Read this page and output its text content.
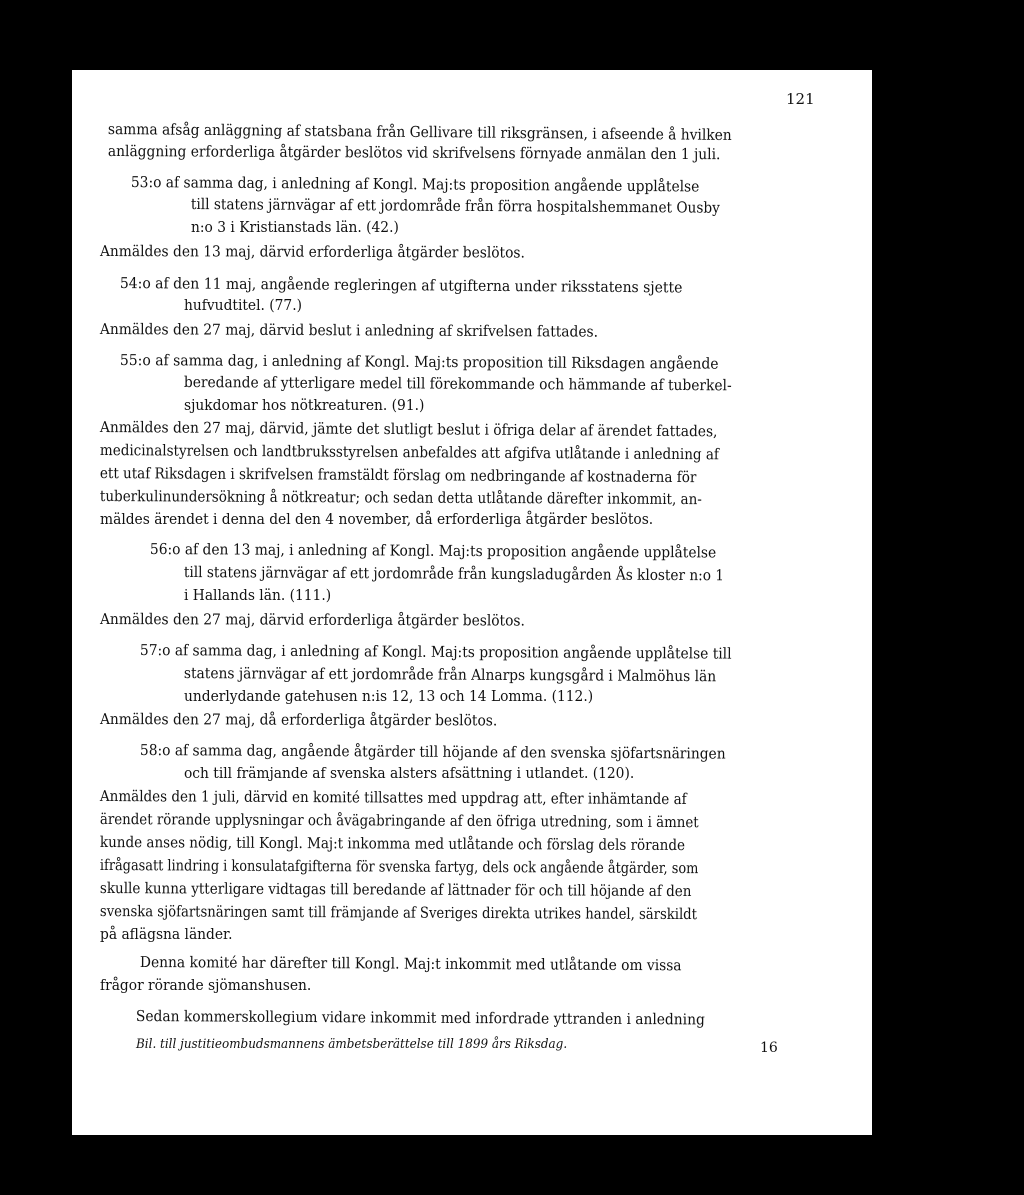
121
samma afsåg anläggning af statsbana från Gellivare till riksgränsen, i afseende å hvilken
anläggning erforderliga åtgärder beslötos vid skrifvelsens förnyade anmälan den 1 juli.
53:o af samma dag, i anledning af Kongl. Maj:ts proposition angående upplåtelse
till statens järnvägar af ett jordområde från förra hospitalshemmanet Ousby
n:o 3 i Kristianstads län. (42.)
Anmäldes den 13 maj, därvid erforderliga åtgärder beslötos.
54:o af den 11 maj, angående regleringen af utgifterna under riksstatens sjette
hufvudtitel. (77.)
Anmäldes den 27 maj, därvid beslut i anledning af skrifvelsen fattades.
55:o af samma dag, i anledning af Kongl. Maj:ts proposition till Riksdagen angående
beredande af ytterligare medel till förekommande och hämmande af tuberkel-
sjukdomar hos nötkreaturen. (91.)
Anmäldes den 27 maj, därvid, jämte det slutligt beslut i öfriga delar af ärendet fattades,
medicinalstyrelsen och landtbruksstyrelsen anbefaldes att afgifva utlåtande i anledning af
ett utaf Riksdagen i skrifvelsen framstäldt förslag om nedbringande af kostnaderna för
tuberkulinundersökning å nötkreatur; och sedan detta utlåtande därefter inkommit, an-
mäldes ärendet i denna del den 4 november, då erforderliga åtgärder beslötos.
56:o af den 13 maj, i anledning af Kongl. Maj:ts proposition angående upplåtelse
till statens järnvägar af ett jordområde från kungsladugården Ås kloster n:o 1
i Hallands län. (111.)
Anmäldes den 27 maj, därvid erforderliga åtgärder beslötos.
57:o af samma dag, i anledning af Kongl. Maj:ts proposition angående upplåtelse till
statens järnvägar af ett jordområde från Alnarps kungsgård i Malmöhus län
underlydande gatehusen n:is 12, 13 och 14 Lomma. (112.)
Anmäldes den 27 maj, då erforderliga åtgärder beslötos.
58:o af samma dag, angående åtgärder till höjande af den svenska sjöfartsnäringen
och till främjande af svenska alsters afsättning i utlandet. (120).
Anmäldes den 1 juli, därvid en komité tillsattes med uppdrag att, efter inhämtande af
ärendet rörande upplysningar och åvägabringande af den öfriga utredning, som i ämnet
kunde anses nödig, till Kongl. Maj:t inkomma med utlåtande och förslag dels rörande
ifrågasatt lindring i konsulatafgifterna för svenska fartyg, dels ock angående åtgärder, som
skulle kunna ytterligare vidtagas till beredande af lättnader för och till höjande af den
svenska sjöfartsnäringen samt till främjande af Sveriges direkta utrikes handel, särskildt
på aflägsna länder.
Denna komité har därefter till Kongl. Maj:t inkommit med utlåtande om vissa
frågor rörande sjömanshusen.
Sedan kommerskollegium vidare inkommit med infordrade yttranden i anledning
Bil. till justitieombudsmannens ämbetsberättelse till 1899 års Riksdag.	16
